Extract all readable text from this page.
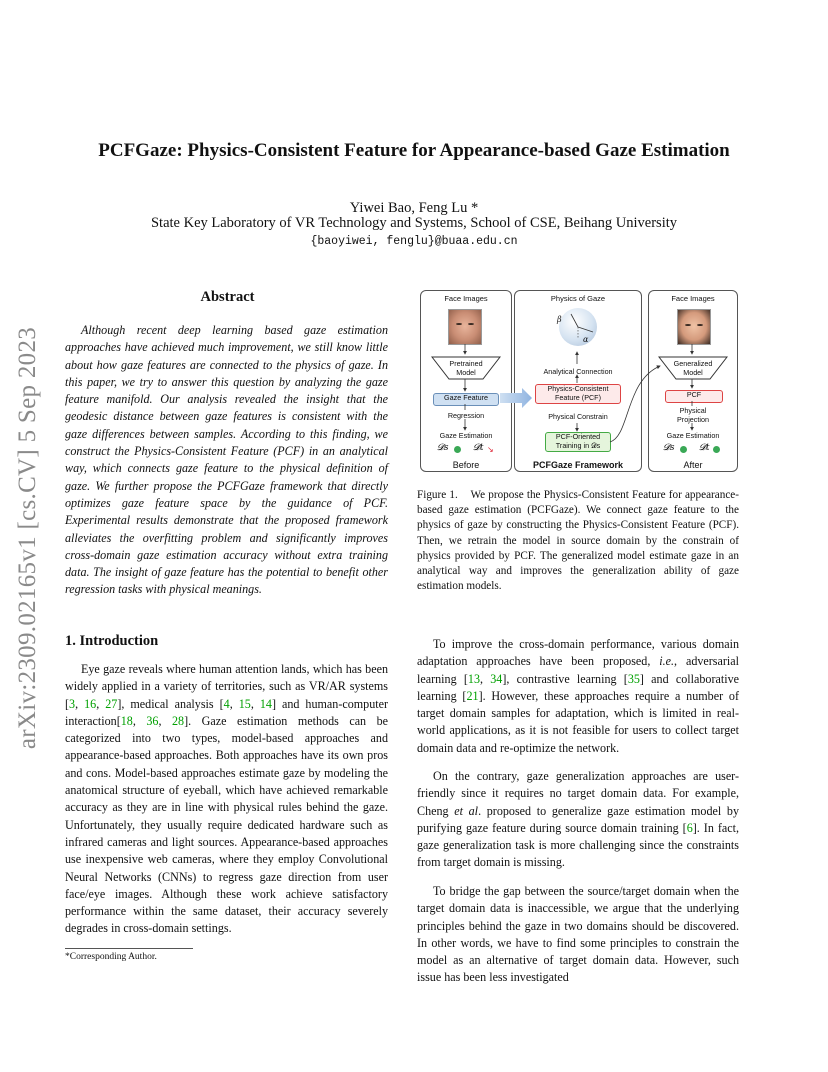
arXiv:2309.02165v1 [cs.CV] 5 Sep 2023
PCFGaze: Physics-Consistent Feature for Appearance-based Gaze Estimation
Yiwei Bao, Feng Lu *
State Key Laboratory of VR Technology and Systems, School of CSE, Beihang University
{baoyiwei, fenglu}@buaa.edu.cn
Abstract
Although recent deep learning based gaze estimation approaches have achieved much improvement, we still know little about how gaze features are connected to the physics of gaze. In this paper, we try to answer this question by analyzing the gaze feature manifold. Our analysis revealed the insight that the geodesic distance between gaze features is consistent with the gaze differences between samples. According to this finding, we construct the Physics-Consistent Feature (PCF) in an analytical way, which connects gaze feature to the physical definition of gaze. We further propose the PCFGaze framework that directly optimizes gaze feature space by the guidance of PCF. Experimental results demonstrate that the proposed framework alleviates the overfitting problem and significantly improves cross-domain gaze estimation accuracy without extra training data. The insight of gaze feature has the potential to benefit other regression tasks with physical meanings.
Face Images
Pretrained Model
Gaze Feature
Regression
Gaze Estimation
𝓓s	𝓓t ↘
Before
Physics of Gaze
β
α
Analytical Connection
Physics-Consistent Feature (PCF)
Physical Constrain
PCF-Oriented Training in 𝓓s
PCFGaze Framework
Face Images
Generalized Model
PCF
Physical Projection
Gaze Estimation
𝓓s	𝓓t
After
Figure 1. We propose the Physics-Consistent Feature for appearance-based gaze estimation (PCFGaze). We connect gaze feature to the physics of gaze by constructing the Physics-Consistent Feature (PCF). Then, we retrain the model in source domain by the constrain of physics provided by PCF. The generalized model estimate gaze in an analytical way and improves the generalization ability of gaze estimation models.
1. Introduction
Eye gaze reveals where human attention lands, which has been widely applied in a variety of territories, such as VR/AR systems [3, 16, 27], medical analysis [4, 15, 14] and human-computer interaction[18, 36, 28]. Gaze estimation methods can be categorized into two types, model-based approaches and appearance-based approaches. Both approaches have its own pros and cons. Model-based approaches estimate gaze by modeling the anatomical structure of eyeball, which have achieved remarkable accuracy as they are in line with physical rules behind the gaze. Unfortunately, they usually require dedicated hardware such as infrared cameras and light sources. Appearance-based approaches use inexpensive web cameras, where they employ Convolutional Neural Networks (CNNs) to regress gaze direction from user face/eye images. Although these work achieve satisfactory performance within the same dataset, their accuracy severely degrades in cross-domain settings.
*Corresponding Author.
To improve the cross-domain performance, various domain adaptation approaches have been proposed, i.e., adversarial learning [13, 34], contrastive learning [35] and collaborative learning [21]. However, these approaches require a number of target domain samples for adaptation, which is limited in real-world applications, as it is not feasible for users to collect target domain data and re-optimize the network.
On the contrary, gaze generalization approaches are user-friendly since it requires no target domain data. For example, Cheng et al. proposed to generalize gaze estimation model by purifying gaze feature during source domain training [6]. In fact, gaze generalization task is more challenging since the constraints from target domain is missing.
To bridge the gap between the source/target domain when the target domain data is inaccessible, we argue that the underlying principles behind the gaze in two domains should be discovered. In other words, we have to find some principles to constrain the model as an alternative of target domain data. However, such issue has been less investigated
